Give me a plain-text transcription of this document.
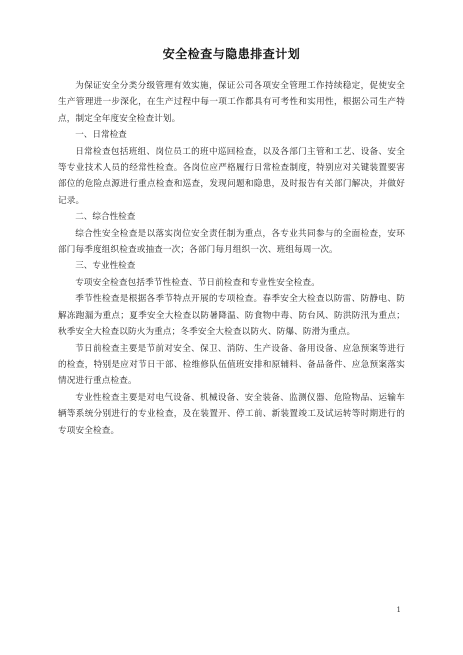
安全检查与隐患排查计划

为保证安全分类分级管理有效实施，保证公司各项安全管理工作持续稳定，促使安全生产管理进一步深化，在生产过程中每一项工作都具有可考性和实用性，根据公司生产特点，制定全年度安全检查计划。

一、日常检查

日常检查包括班组、岗位员工的班中巡回检查，以及各部门主管和工艺、设备、安全等专业技术人员的经常性检查。各岗位应严格履行日常检查制度，特别应对关键装置要害部位的危险点源进行重点检查和巡查，发现问题和隐患，及时报告有关部门解决，并做好记录。

二、综合性检查

综合性安全检查是以落实岗位安全责任制为重点，各专业共同参与的全面检查，安环部门每季度组织检查或抽查一次；各部门每月组织一次、班组每周一次。

三、专业性检查

专项安全检查包括季节性检查、节日前检查和专业性安全检查。

季节性检查是根据各季节特点开展的专项检查。春季安全大检查以防雷、防静电、防解冻跑漏为重点；夏季安全大检查以防暑降温、防食物中毒、防台风、防洪防汛为重点；秋季安全大检查以防火为重点；冬季安全大检查以防火、防爆、防滑为重点。

节日前检查主要是节前对安全、保卫、消防、生产设备、备用设备、应急预案等进行的检查，特别是应对节日干部、检维修队伍值班安排和原辅料、备品备件、应急预案落实情况进行重点检查。

专业性检查主要是对电气设备、机械设备、安全装备、监测仪器、危险物品、运输车辆等系统分别进行的专业检查，及在装置开、停工前、新装置竣工及试运转等时期进行的专项安全检查。

1
